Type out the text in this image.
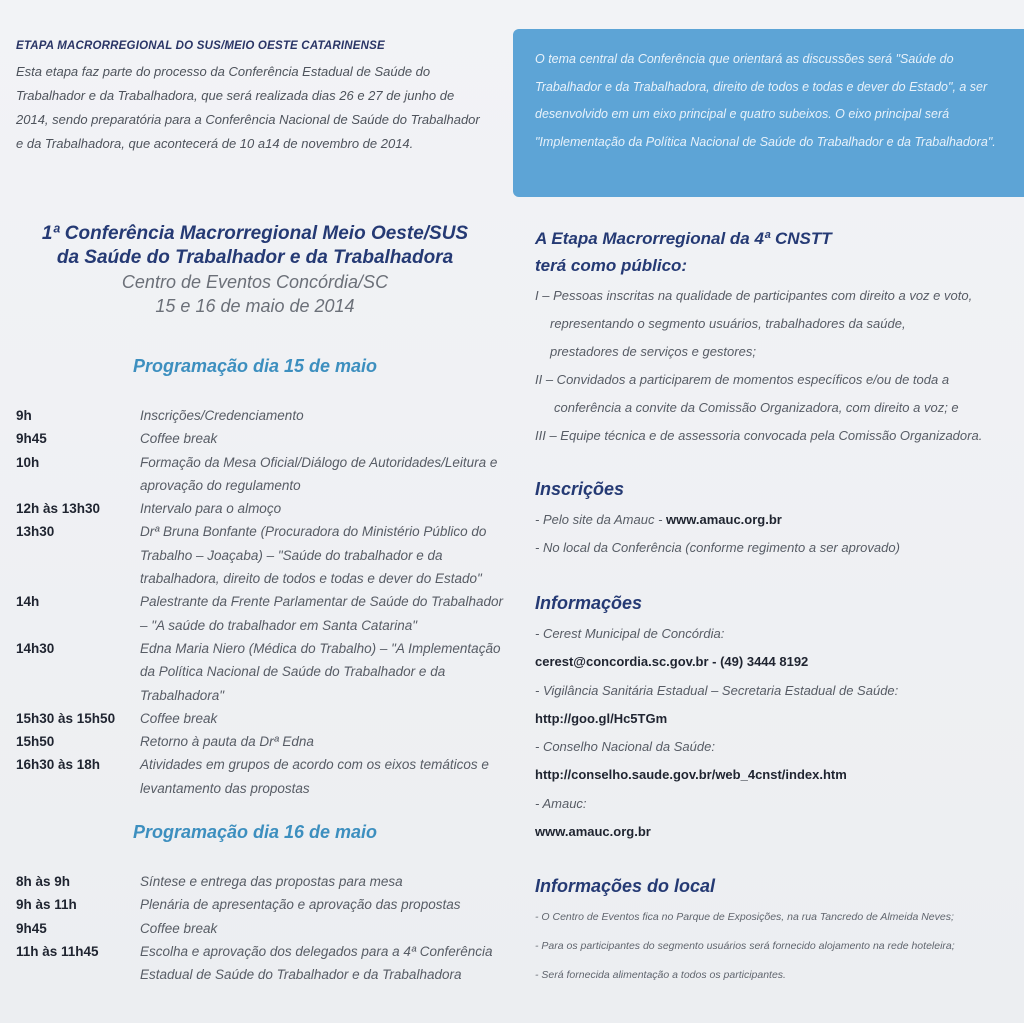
ETAPA MACRORREGIONAL DO SUS/MEIO OESTE CATARINENSE
Esta etapa faz parte do processo da Conferência Estadual de Saúde do Trabalhador e da Trabalhadora, que será realizada dias 26 e 27 de junho de 2014, sendo preparatória para a Conferência Nacional de Saúde do Trabalhador e da Trabalhadora, que acontecerá de 10 a14 de novembro de 2014.
1ª Conferência Macrorregional Meio Oeste/SUS
da Saúde do Trabalhador e da Trabalhadora
Centro de Eventos Concórdia/SC
15 e 16 de maio de 2014
Programação dia 15 de maio
9h	Inscrições/Credenciamento
9h45	Coffee break
10h	Formação da Mesa Oficial/Diálogo de Autoridades/Leitura e aprovação do regulamento
12h às 13h30	Intervalo para o almoço
13h30	Drª Bruna Bonfante (Procuradora do Ministério Público do Trabalho – Joaçaba) – "Saúde do trabalhador e da trabalhadora, direito de todos e todas e dever do Estado"
14h	Palestrante da Frente Parlamentar de Saúde do Trabalhador – "A saúde do trabalhador em Santa Catarina"
14h30	Edna Maria Niero (Médica do Trabalho) – "A Implementação da Política Nacional de Saúde do Trabalhador e da Trabalhadora"
15h30 às 15h50	Coffee break
15h50	Retorno à pauta da Drª Edna
16h30 às 18h	Atividades em grupos de acordo com os eixos temáticos e levantamento das propostas
Programação dia 16 de maio
8h às 9h	Síntese e entrega das propostas para mesa
9h às 11h	Plenária de apresentação e aprovação das propostas
9h45	Coffee break
11h às 11h45	Escolha e aprovação dos delegados para a 4ª Conferência Estadual de Saúde do Trabalhador e da Trabalhadora
O tema central da Conferência que orientará as discussões será "Saúde do Trabalhador e da Trabalhadora, direito de todos e todas e dever do Estado", a ser desenvolvido em um eixo principal e quatro subeixos. O eixo principal será "Implementação da Política Nacional de Saúde do Trabalhador e da Trabalhadora".
A Etapa Macrorregional da 4ª CNSTT
terá como público:
I – Pessoas inscritas na qualidade de participantes com direito a voz e voto,
representando o segmento usuários, trabalhadores da saúde,
prestadores de serviços e gestores;
II – Convidados a participarem de momentos específicos e/ou de toda a
conferência a convite da Comissão Organizadora, com direito a voz; e
III – Equipe técnica e de assessoria convocada pela Comissão Organizadora.
Inscrições
- Pelo site da Amauc - www.amauc.org.br
- No local da Conferência (conforme regimento a ser aprovado)
Informações
- Cerest Municipal de Concórdia:
cerest@concordia.sc.gov.br - (49) 3444 8192
- Vigilância Sanitária Estadual – Secretaria Estadual de Saúde:
http://goo.gl/Hc5TGm
- Conselho Nacional da Saúde:
http://conselho.saude.gov.br/web_4cnst/index.htm
- Amauc:
www.amauc.org.br
Informações do local
- O Centro de Eventos fica no Parque de Exposições, na rua Tancredo de Almeida Neves;
- Para os participantes do segmento usuários será fornecido alojamento na rede hoteleira;
- Será fornecida alimentação a todos os participantes.
